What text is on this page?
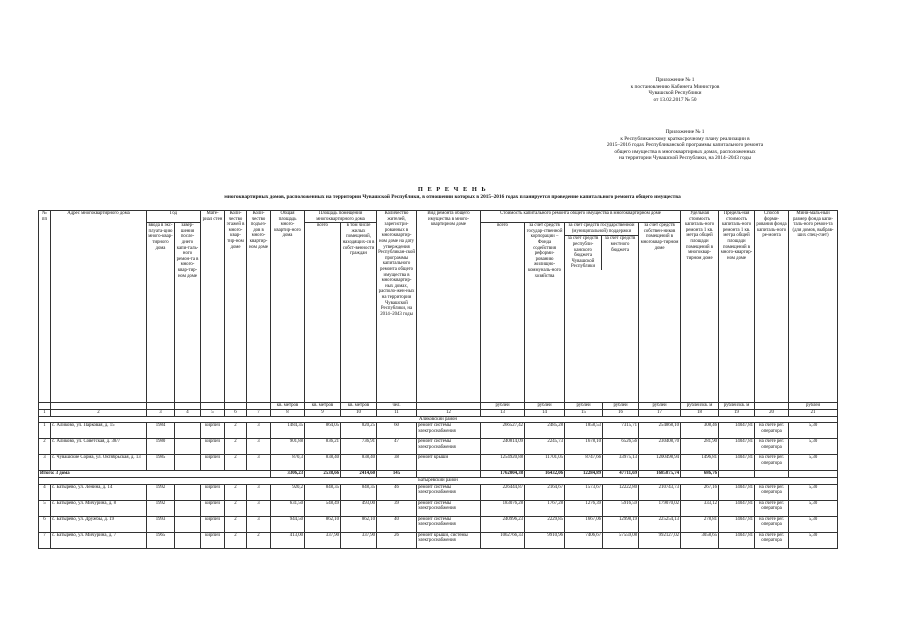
Приложение № 1
к постановлению Кабинета Министров
Чувашской Республики
от 13.02.2017 № 50
Приложение № 1
к Республиканскому краткосрочному плану реализации в
2015–2016 годах Республиканской программы капитального ремонта
общего имущества в многоквартирных домах, расположенных
на территории Чувашской Республики, на 2014–2043 годы
П Е Р Е Ч Е Н Ь
многоквартирных домов, расположенных на территории Чувашской Республики, в отношении которых в 2015–2016 годах планируется проведение капитального ремонта общего имущества
№ пп	Адрес многоквартирного дома	Год		Мате-риал стен	Коли-чество этажей в много-квар-тир-ном доме	Коли-чество подъез-дов в много-квартир-ном доме	Общая площадь много-квартир-ного дома	Площадь помещений многоквартирного дома		Количество жителей, зарегистри-рованных в многоквартир-ном доме на дату утверждения Республикан-ской программы капитального ремонта общего имущества в многоквартир-ных домах, располо-жен-ных на территории Чувашской Республики, на 2014–2043 годы	Вид ремонта общего имущества в много-квартирном доме	Стоимость капитального ремонта общего имущества в многоквартирном доме					Удельная стоимость капиталь-ного ремонта 1 кв. метра общей площади помещений в многоквар-тирном доме	Предель-ная стоимость капиталь-ного ремонта 1 кв. метра общей площади помещений в много-квартир-ном доме	Способ форми-рования фонда капиталь-ного ре-монта	Мини-маль-ный размер фонда капи-таль-ного ремон-та (для домов, выбрав-ших спец-счет)
		ввода в экс-плуата-цию много-квар-тирного дома	завер-шения после-днего капи-таль-ного ремон-та в много-квар-тир-ном доме					всего	в том числе жилых помещений, находящих-ся в собст-венности граждан			всего	за счет средств государ-ственной корпорации – Фонда содействия реформи-рованию жилищно-коммуналь-ного хозяйства	за счет средств государственной (муниципальной) поддержки
за счет средств республи-канского бюджета Чувашской Республики
за счет средств местного бюджета		за счет средств собствен-ников помещений в многоквар-тирном доме				
							кв. метров	кв. метров	кв. метров	чел.		рублей	рублей	рублей	рублей	рублей	рублей/кв. м	рублей/кв. м		рублей
1	2	3	4	5	6	7	8	9	10	11	12	13	14	15	16	17	18	19	20	21
Аликовский район																				
1	с. Аликово, ул. Парковая, д. 15	1984		кирпич	2	3	1484,35	864,05	820,25	60	ремонт системы электроснабжения	266527,42	2485,28	1858,53	7315,71	254868,10	308,46	14047,81	на счете рег. оператора	5,30
2	с. Аликово, ул. Советская, д. 38/7	1980		кирпич	2	3	901,88	836,21	736,91	47	ремонт системы электроснабжения	240814,09	2245,73	1678,10	6526,56	230408,70	281,90	14047,81	на счете рег. оператора	5,30
3	с. Чувашские Сорма, ул. Октябрьская, д. 13	1985		кирпич	2	3	870,3	838,40	838,40	38	ремонт крыши	1254920,88	11701,05	8747,66	33975,13	1200498,94	1496,81	14047,81	на счете рег. оператора	5,30
Итого: 3 дома							3306,23	2538,66	2414,60	145		1762004,38	16432,06	12284,89	47711,69	1685875,74	686,76			
Батыревский район																				
4	с. Батырево, ул. Ленина, д. 14	1992		кирпич	2	3	920,2	848,35	848,35	46	ремонт системы электроснабжения	226444,87	2164,67	1573,67	12222,80	210743,73	267,16	14047,81	на счете рег. оператора	5,30
5	с. Батырево, ул. Мичурина, д. 8	1992		кирпич	2	3	631,50	548,49	493,00	39	ремонт системы электроснабжения	183076,28	1767,28	1276,39	5916,59	179070,02	333,12	14047,81	на счете рег. оператора	5,30
6	с. Батырево, ул. Дружбы, д. 19	1993		кирпич	2	3	944,50	862,10	862,10	40	ремонт системы электроснабжения	240996,23	2229,85	1667,06	12998,19	225254,13	278,81	14047,81	на счете рег. оператора	5,30
7	с. Батырево, ул. Мичурина, д. 7	1965		кирпич	2	2	413,00	337,90	337,90	26	ремонт крыши, системы электроснабжения	1062766,33	9910,96	7406,67	57559,08	992127,02	3058,65	14047,81	на счете рег. оператора	5,30
